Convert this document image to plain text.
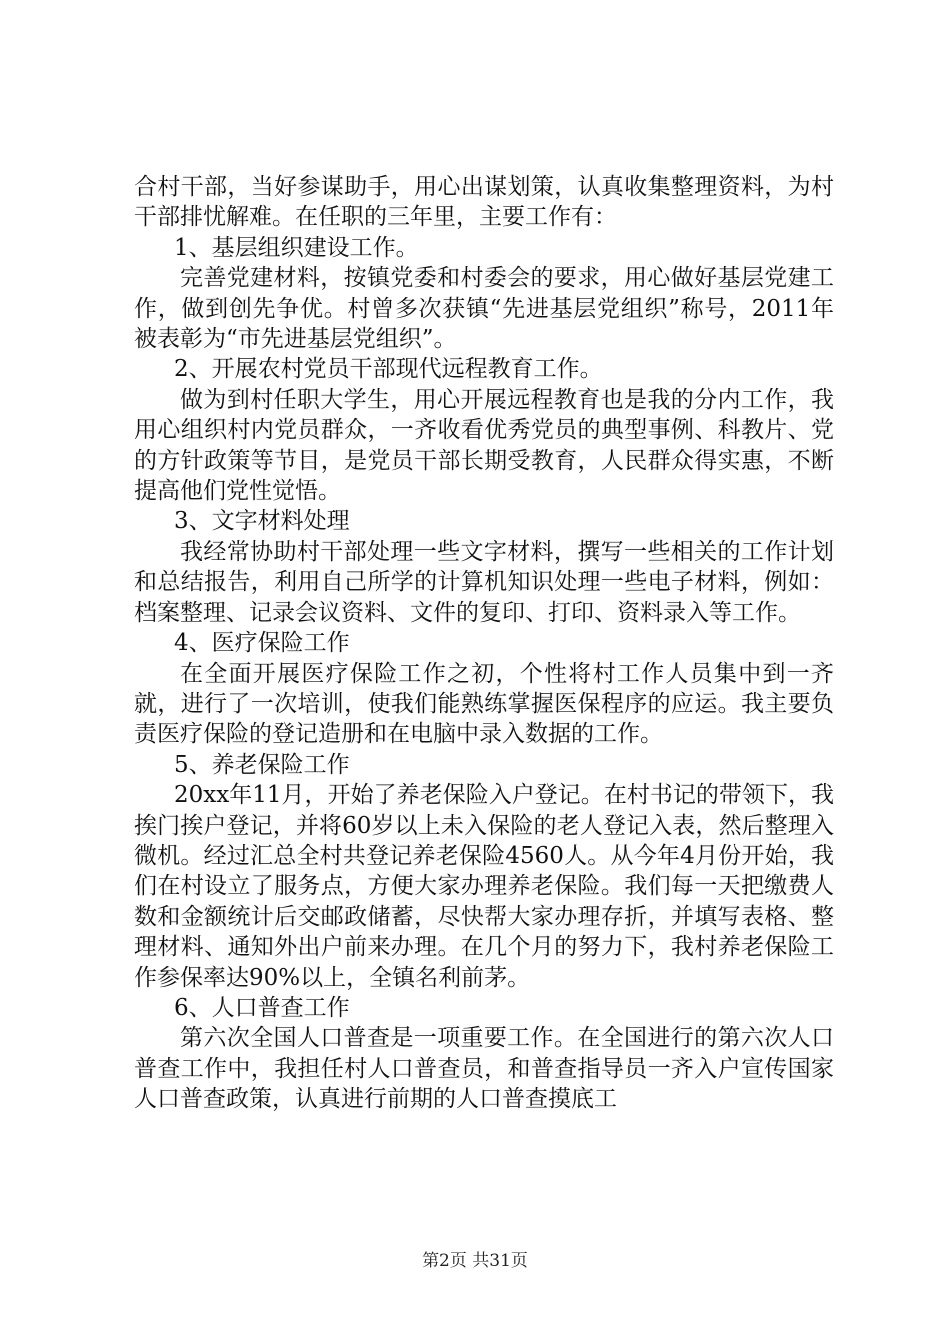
合村干部，当好参谋助手，用心出谋划策，认真收集整理资料，为村干部排忧解难。在任职的三年里，主要工作有：

1、基层组织建设工作。

完善党建材料，按镇党委和村委会的要求，用心做好基层党建工作，做到创先争优。村曾多次获镇“先进基层党组织”称号，2011年被表彰为“市先进基层党组织”。

2、开展农村党员干部现代远程教育工作。

做为到村任职大学生，用心开展远程教育也是我的分内工作，我用心组织村内党员群众，一齐收看优秀党员的典型事例、科教片、党的方针政策等节目，是党员干部长期受教育，人民群众得实惠，不断提高他们党性觉悟。

3、文字材料处理

我经常协助村干部处理一些文字材料，撰写一些相关的工作计划和总结报告，利用自己所学的计算机知识处理一些电子材料，例如：档案整理、记录会议资料、文件的复印、打印、资料录入等工作。

4、医疗保险工作

在全面开展医疗保险工作之初，个性将村工作人员集中到一齐就，进行了一次培训，使我们能熟练掌握医保程序的应运。我主要负责医疗保险的登记造册和在电脑中录入数据的工作。

5、养老保险工作

20xx年11月，开始了养老保险入户登记。在村书记的带领下，我挨门挨户登记，并将60岁以上未入保险的老人登记入表，然后整理入微机。经过汇总全村共登记养老保险4560人。从今年4月份开始，我们在村设立了服务点，方便大家办理养老保险。我们每一天把缴费人数和金额统计后交邮政储蓄，尽快帮大家办理存折，并填写表格、整理材料、通知外出户前来办理。在几个月的努力下，我村养老保险工作参保率达90%以上，全镇名利前茅。

6、人口普查工作

第六次全国人口普查是一项重要工作。在全国进行的第六次人口普查工作中，我担任村人口普查员，和普查指导员一齐入户宣传国家人口普查政策，认真进行前期的人口普查摸底工

第2页 共31页
